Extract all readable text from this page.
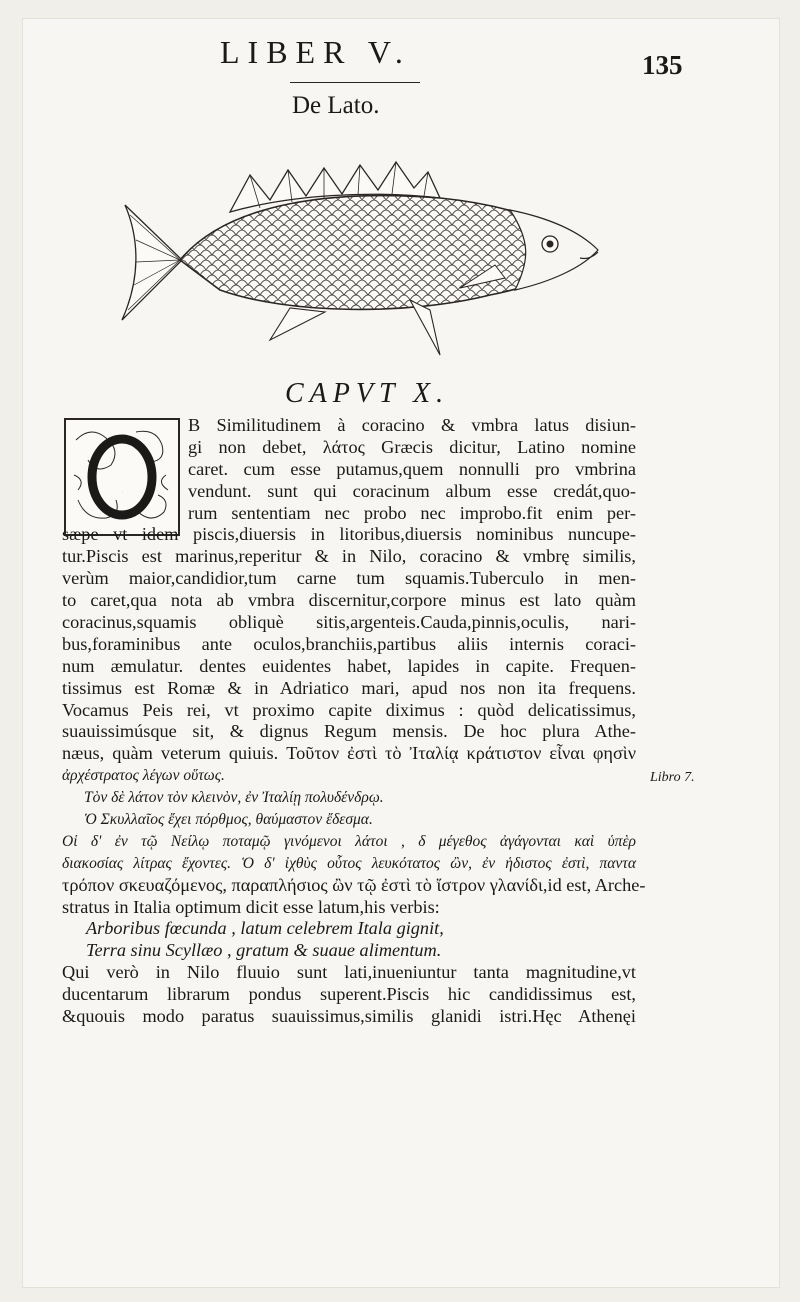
LIBER V.	135
De Lato.
CAPVT X.
O
B Similitudinem à coracino & vmbra latus disiun-
gi non debet, λάτος Græcis dicitur, Latino nomine
caret. cum esse putamus,quem nonnulli pro vmbrina
vendunt. sunt qui coracinum album esse credát,quo-
rum sententiam nec probo nec improbo.fit enim per-
sæpe vt idem piscis,diuersis in litoribus,diuersis nominibus nuncupe-
tur.Piscis est marinus,reperitur & in Nilo, coracino & vmbrę similis,
verùm maior,candidior,tum carne tum squamis.Tuberculo in men-
to caret,qua nota ab vmbra discernitur,corpore minus est lato quàm
coracinus,squamis obliquè sitis,argenteis.Cauda,pinnis,oculis, nari-
bus,foraminibus ante oculos,branchiis,partibus aliis internis coraci-
num æmulatur. dentes euidentes habet, lapides in capite. Frequen-
tissimus est Romæ & in Adriatico mari, apud nos non ita frequens.
Vocamus Peis rei, vt proximo capite diximus : quòd delicatissimus,
suauissimúsque sit, & dignus Regum mensis. De hoc plura Athe-
næus, quàm veterum quiuis. Τοῦτον ἐστὶ τὸ Ἰταλίᾳ κράτιστον εἶναι φησὶν
ἀρχέστρατος λέγων οὕτως.
Τὸν δὲ λάτον τὸν κλεινὸν, ἐν Ἰταλίῃ πολυδένδρῳ.
Ὁ Σκυλλαῖος ἔχει πόρθμος, θαύμαστον ἔδεσμα.
Οἱ δ' ἐν τῷ Νείλῳ ποταμῷ γινόμενοι λάτοι , δ μέγεθος ἀγάγονται καὶ ὑπὲρ
διακοσίας λίτρας ἔχοντες. Ὁ δ' ἰχθὺς οὗτος λευκότατος ὢν, ἐν ἡδιστος ἐστὶ, παντα
τρόπον σκευαζόμενος, παραπλήσιος ὢν τῷ ἐστὶ τὸ ἴστρον γλανίδι,id est, Arche-
stratus in Italia optimum dicit esse latum,his verbis:
Arboribus fœcunda , latum celebrem Itala gignit,
Terra sinu Scyllæo , gratum & suaue alimentum.
Qui verò in Nilo fluuio sunt lati,inueniuntur tanta magnitudine,vt
ducentarum librarum pondus superent.Piscis hic candidissimus est,
&quouis modo paratus suauissimus,similis glanidi istri.Hęc Athenęi
Libro 7.
